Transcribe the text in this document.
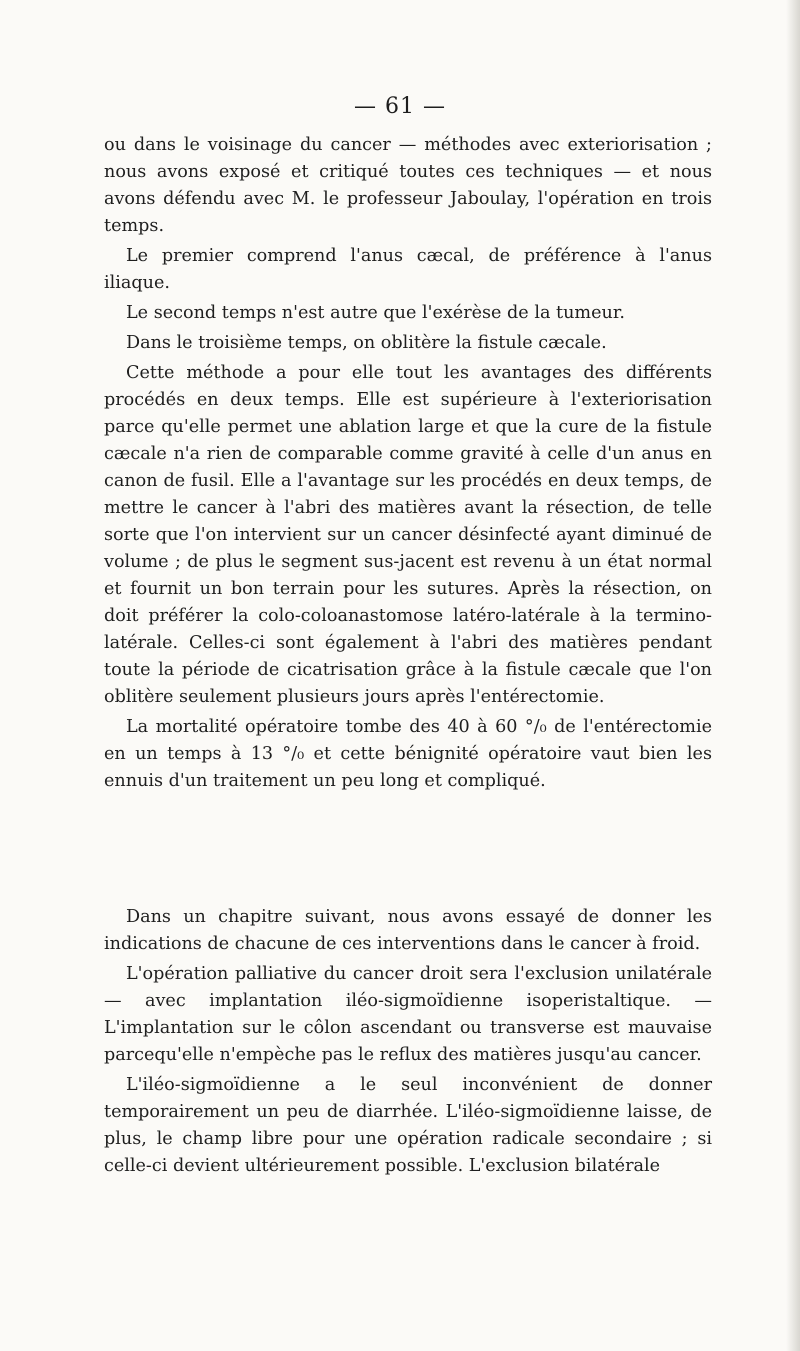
— 61 —

ou dans le voisinage du cancer — méthodes avec exteriorisation ; nous avons exposé et critiqué toutes ces techniques — et nous avons défendu avec M. le professeur Jaboulay, l'opération en trois temps.

Le premier comprend l'anus cæcal, de préférence à l'anus iliaque.

Le second temps n'est autre que l'exérèse de la tumeur.

Dans le troisième temps, on oblitère la fistule cæcale.

Cette méthode a pour elle tout les avantages des différents procédés en deux temps. Elle est supérieure à l'exteriorisation parce qu'elle permet une ablation large et que la cure de la fistule cæcale n'a rien de comparable comme gravité à celle d'un anus en canon de fusil. Elle a l'avantage sur les procédés en deux temps, de mettre le cancer à l'abri des matières avant la résection, de telle sorte que l'on intervient sur un cancer désinfecté ayant diminué de volume ; de plus le segment sus-jacent est revenu à un état normal et fournit un bon terrain pour les sutures. Après la résection, on doit préférer la colo-coloanastomose latéro-latérale à la termino-latérale. Celles-ci sont également à l'abri des matières pendant toute la période de cicatrisation grâce à la fistule cæcale que l'on oblitère seulement plusieurs jours après l'entérectomie.

La mortalité opératoire tombe des 40 à 60 °/₀ de l'entérectomie en un temps à 13 °/₀ et cette bénignité opératoire vaut bien les ennuis d'un traitement un peu long et compliqué.

Dans un chapitre suivant, nous avons essayé de donner les indications de chacune de ces interventions dans le cancer à froid.

L'opération palliative du cancer droit sera l'exclusion unilatérale — avec implantation iléo-sigmoïdienne isoperistaltique. — L'implantation sur le côlon ascendant ou transverse est mauvaise parcequ'elle n'empèche pas le reflux des matières jusqu'au cancer.

L'iléo-sigmoïdienne a le seul inconvénient de donner temporairement un peu de diarrhée. L'iléo-sigmoïdienne laisse, de plus, le champ libre pour une opération radicale secondaire ; si celle-ci devient ultérieurement possible. L'exclusion bilatérale
